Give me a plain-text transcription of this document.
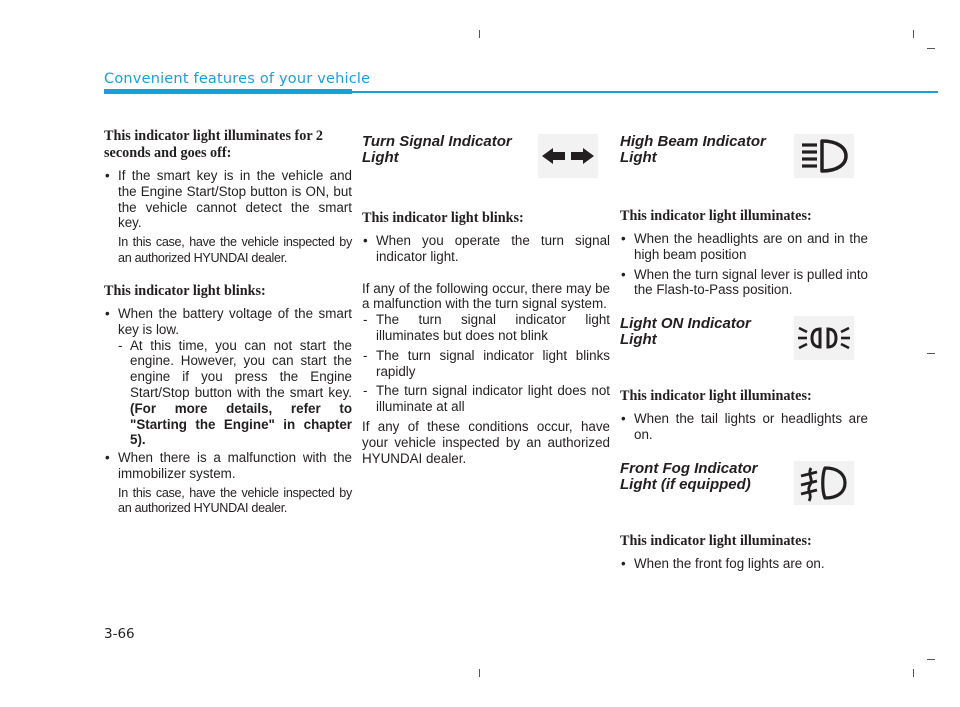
Convenient features of your vehicle

This indicator light illuminates for 2 seconds and goes off:

• If the smart key is in the vehicle and the Engine Start/Stop button is ON, but the vehicle cannot detect the smart key.

In this case, have the vehicle inspected by an authorized HYUNDAI dealer.

This indicator light blinks:

• When the battery voltage of the smart key is low.

- At this time, you can not start the engine. However, you can start the engine if you press the Engine Start/Stop button with the smart key. (For more details, refer to "Starting the Engine" in chapter 5).

• When there is a malfunction with the immobilizer system.

In this case, have the vehicle inspected by an authorized HYUNDAI dealer.

Turn Signal Indicator Light

This indicator light blinks:

• When you operate the turn signal indicator light.

If any of the following occur, there may be a malfunction with the turn signal system.

- The turn signal indicator light illuminates but does not blink

- The turn signal indicator light blinks rapidly

- The turn signal indicator light does not illuminate at all

If any of these conditions occur, have your vehicle inspected by an authorized HYUNDAI dealer.

High Beam Indicator Light

This indicator light illuminates:

• When the headlights are on and in the high beam position

• When the turn signal lever is pulled into the Flash-to-Pass position.

Light ON Indicator Light

This indicator light illuminates:

• When the tail lights or headlights are on.

Front Fog Indicator Light (if equipped)

This indicator light illuminates:

• When the front fog lights are on.

3-66
